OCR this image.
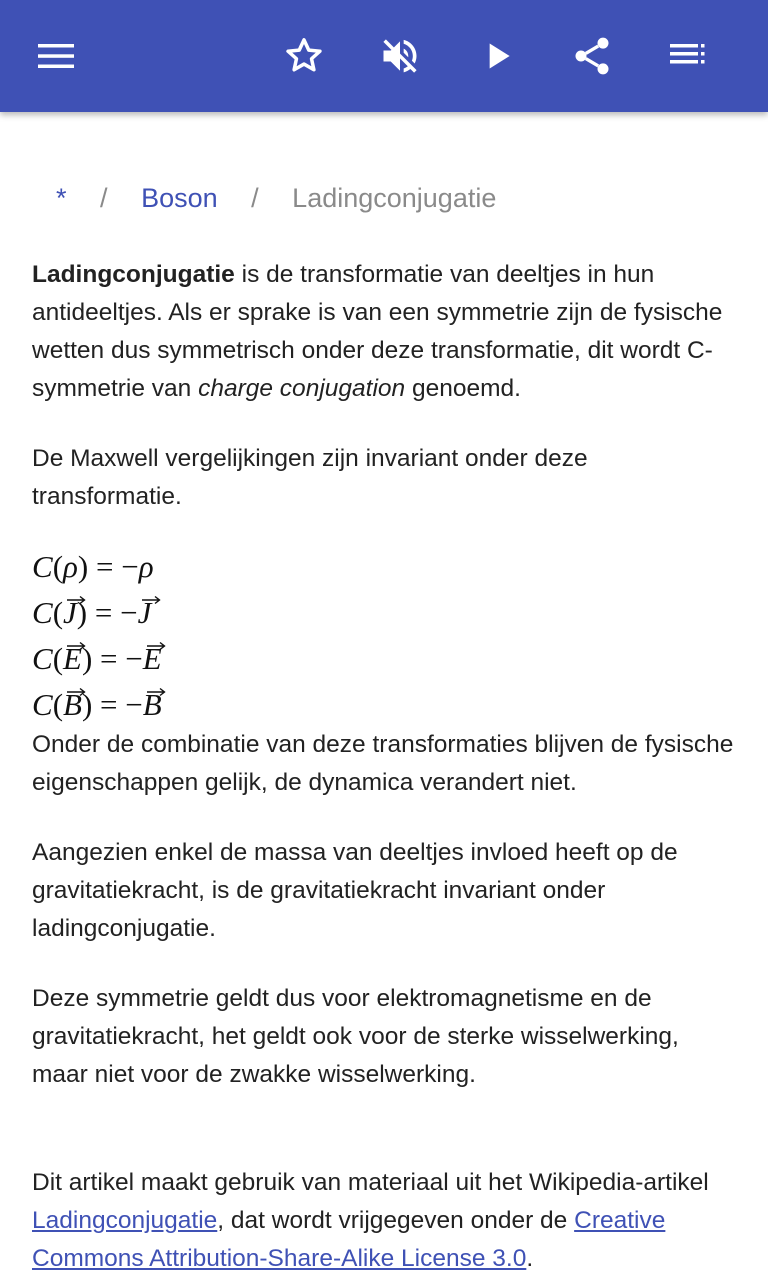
* / Boson / Ladingconjugatie

Ladingconjugatie is de transformatie van deeltjes in hun antideeltjes. Als er sprake is van een symmetrie zijn de fysische wetten dus symmetrisch onder deze transformatie, dit wordt C-symmetrie van charge conjugation genoemd.

De Maxwell vergelijkingen zijn invariant onder deze transformatie.

C(ρ) = −ρ
C(J
) = −J
C(E
) = −E
C(B
) = −B

Onder de combinatie van deze transformaties blijven de fysische eigenschappen gelijk, de dynamica verandert niet.

Aangezien enkel de massa van deeltjes invloed heeft op de gravitatiekracht, is de gravitatiekracht invariant onder ladingconjugatie.

Deze symmetrie geldt dus voor elektromagnetisme en de gravitatiekracht, het geldt ook voor de sterke wisselwerking, maar niet voor de zwakke wisselwerking.

Dit artikel maakt gebruik van materiaal uit het Wikipedia-artikel Ladingconjugatie, dat wordt vrijgegeven onder de Creative Commons Attribution-Share-Alike License 3.0.
